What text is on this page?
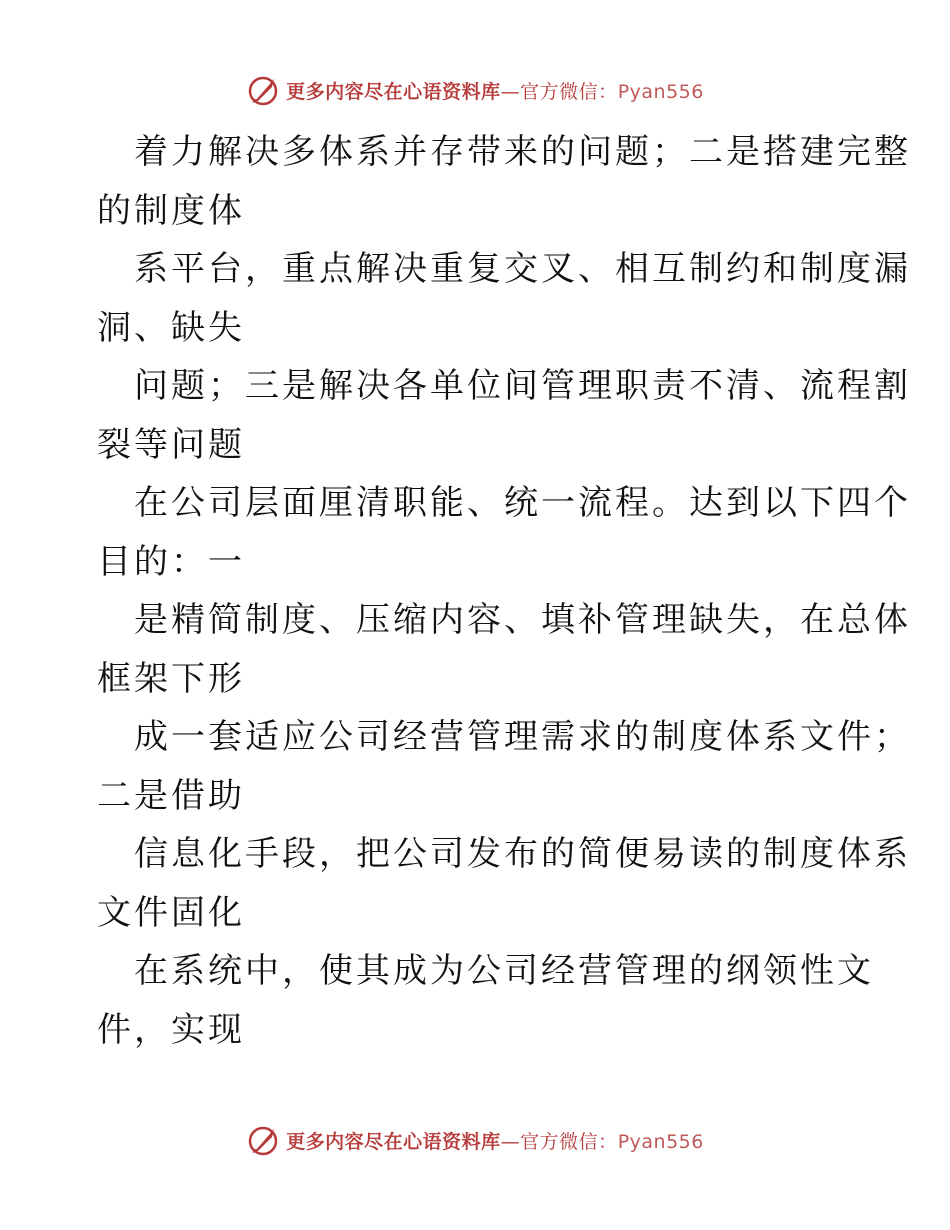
更多内容尽在心语资料库—官方微信：Pyan556

着力解决多体系并存带来的问题；二是搭建完整
的制度体

系平台，重点解决重复交叉、相互制约和制度漏
洞、缺失

问题；三是解决各单位间管理职责不清、流程割
裂等问题

在公司层面厘清职能、统一流程。达到以下四个
目的：一

是精简制度、压缩内容、填补管理缺失，在总体
框架下形

成一套适应公司经营管理需求的制度体系文件；
二是借助

信息化手段，把公司发布的简便易读的制度体系
文件固化

在系统中，使其成为公司经营管理的纲领性文
件，实现

更多内容尽在心语资料库—官方微信：Pyan556
